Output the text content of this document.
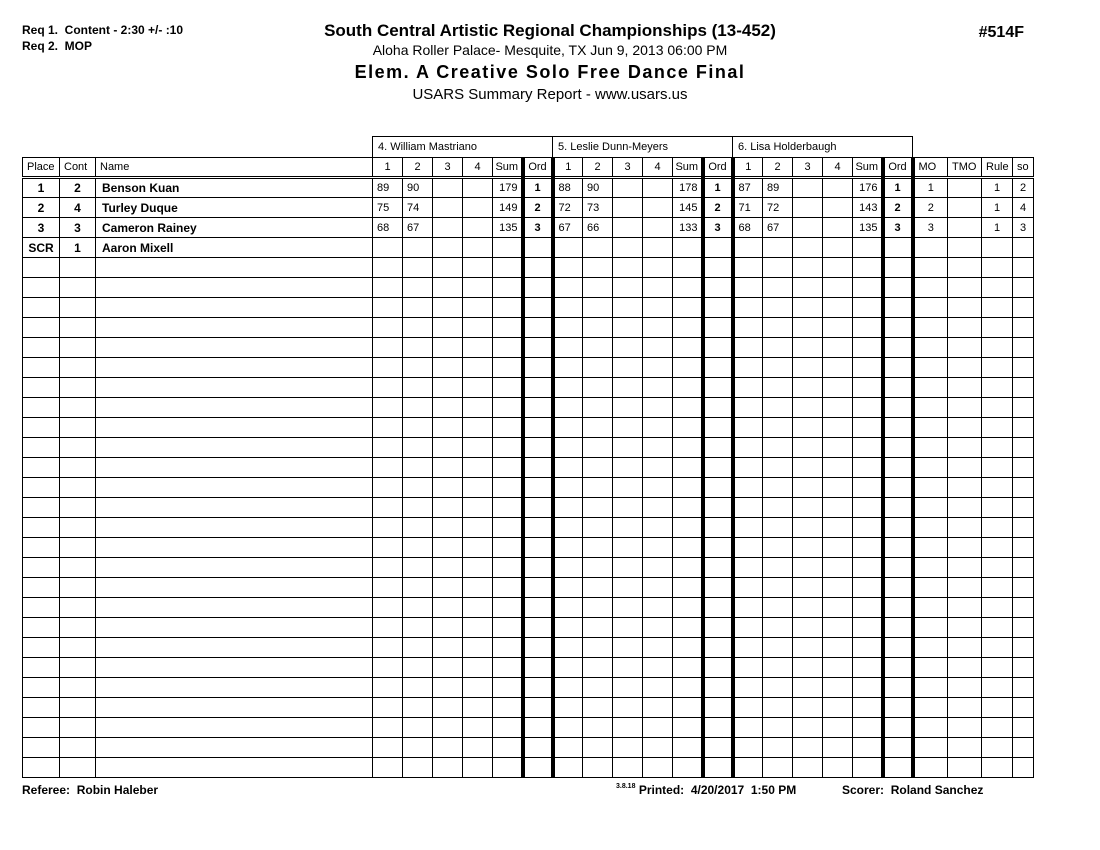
Req 1.  Content - 2:30 +/- :10
Req 2.  MOP
South Central Artistic Regional Championships (13-452)
Aloha Roller Palace- Mesquite, TX Jun 9, 2013 06:00 PM
Elem. A Creative Solo Free Dance Final
USARS Summary Report - www.usars.us
#514F
			4. William Mastriano						5. Leslie Dunn-Meyers						6. Lisa Holderbaugh									
Place	Cont	Name	1	2	3	4	Sum	Ord	1	2	3	4	Sum	Ord	1	2	3	4	Sum	Ord	MO	TMO	Rule	so
1	2	Benson Kuan	89	90			179	1	88	90			178	1	87	89			176	1	1		1	2
2	4	Turley Duque	75	74			149	2	72	73			145	2	71	72			143	2	2		1	4
3	3	Cameron Rainey	68	67			135	3	67	66			133	3	68	67			135	3	3		1	3
SCR	1	Aaron Mixell																						

Referee: Robin Haleber	$^{3.8.18}$ Printed: 4/20/2017  1:50 PM	Scorer: Roland Sanchez
